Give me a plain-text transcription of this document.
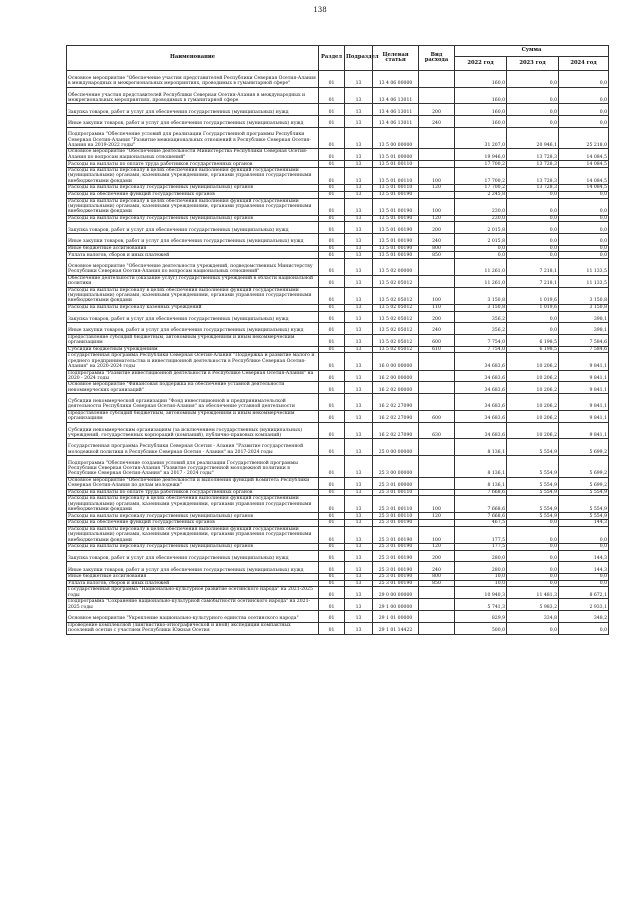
138
Наименование	Раздел	Подраздел	Целевая статья	Вид расхода	Сумма		
					2022 год	2023 год	2024 год
Основное мероприятие "Обеспечение участия представителей Республики Северная Осетия-Алания в международных и межрегиональных мероприятиях, проводимых в гуманитарной сфере"	01	13	13 4 06 00000		160,0	0,0	0,0
Обеспечение участия представителей Республики Северная Осетия-Алания в международных и межрегиональных мероприятиях, проводимых в гуманитарной сфере	01	13	13 4 06 13011		160,0	0,0	0,0
Закупка товаров, работ и услуг для обеспечения государственных (муниципальных) нужд	01	13	13 4 06 13011	200	160,0	0,0	0,0
Иные закупки товаров, работ и услуг для обеспечения государственных (муниципальных) нужд	01	13	13 4 06 13011	240	160,0	0,0	0,0
Подпрограмма "Обеспечение условий для реализации Государственной программы Республики Северная Осетия-Алания "Развитие межнациональных отношений в Республике Северная Осетия-Алания на 2019-2022 годы"	01	13	13 5 00 00000		31 207,0	20 946,1	25 218,0
Основное мероприятие "Обеспечение деятельности Министерства Республики Северная Осетия-Алания по вопросам национальных отношений"	01	13	13 5 01 00000		19 946,0	13 728,3	14 084,5
Расходы на выплаты по оплате труда работников государственных органов	01	13	13 5 01 00110		17 700,2	13 728,3	14 084,5
Расходы на выплаты персоналу в целях обеспечения выполнения функций государственными (муниципальными) органами, казенными учреждениями, органами управления государственными внебюджетными фондами	01	13	13 5 01 00110	100	17 700,2	13 728,3	14 084,5
Расходы на выплаты персоналу государственных (муниципальных) органов	01	13	13 5 01 00110	120	17 700,2	13 728,3	14 084,5
Расходы на обеспечение функций государственных органов	01	13	13 5 01 00190		2 245,8	0,0	0,0
Расходы на выплаты персоналу в целях обеспечения выполнения функций государственными (муниципальными) органами, казенными учреждениями, органами управления государственными внебюджетными фондами	01	13	13 5 01 00190	100	230,0	0,0	0,0
Расходы на выплаты персоналу государственных (муниципальных) органов	01	13	13 5 01 00190	120	230,0	0,0	0,0
Закупка товаров, работ и услуг для обеспечения государственных (муниципальных) нужд	01	13	13 5 01 00190	200	2 015,8	0,0	0,0
Иные закупки товаров, работ и услуг для обеспечения государственных (муниципальных) нужд	01	13	13 5 01 00190	240	2 015,8	0,0	0,0
Иные бюджетные ассигнования	01	13	13 5 01 00190	800	0,0	0,0	0,0
Уплата налогов, сборов и иных платежей	01	13	13 5 01 00190	850	0,0	0,0	0,0
Основное мероприятие "Обеспечение деятельности учреждений, подведомственных Министерству Республики Северная Осетия-Алания по вопросам национальных отношений"	01	13	13 5 02 00000		11 261,0	7 218,1	11 133,5
Обеспечение деятельности (оказание услуг) государственных учреждений в области национальной политики	01	13	13 5 02 05012		11 261,0	7 218,1	11 133,5
Расходы на выплаты персоналу в целях обеспечения выполнения функций государственными (муниципальными) органами, казенными учреждениями, органами управления государственными внебюджетными фондами	01	13	13 5 02 05012	100	3 150,8	1 019,6	3 150,8
Расходы на выплаты персоналу казенных учреждений	01	13	13 5 02 05012	110	3 150,8	1 019,6	3 150,8
Закупка товаров, работ и услуг для обеспечения государственных (муниципальных) нужд	01	13	13 5 02 05012	200	356,2	0,0	398,1
Иные закупки товаров, работ и услуг для обеспечения государственных (муниципальных) нужд	01	13	13 5 02 05012	240	356,2	0,0	398,1
Предоставление субсидий бюджетным, автономным учреждениям и иным некоммерческим организациям	01	13	13 5 02 05012	600	7 754,0	6 198,5	7 584,6
Субсидии бюджетным учреждениям	01	13	13 5 02 05012	610	7 754,0	6 198,5	7 584,6
Государственная программа Республики Северная Осетия-Алания "Поддержка и развитие малого и среднего предпринимательства и инвестиционной деятельности в Республике Северная Осетия-Алания" на 2020-2024 годы	01	13	16 0 00 00000		34 683,6	10 206,2	9 841,1
Подпрограмма "Развитие инвестиционной деятельности в Республике Северная Осетия-Алания" на 2020 - 2024 годы	01	13	16 2 00 00000		34 683,6	10 206,2	9 841,1
Основное мероприятие "Финансовая поддержка на обеспечение уставной деятельности некоммерческих организаций"	01	13	16 2 02 00000		34 683,6	10 206,2	9 841,1
Субсидии некоммерческой организации "Фонд инвестиционной и предпринимательской деятельности Республики Северная Осетия-Алания" на обеспечение уставной деятельности	01	13	16 2 02 27090		34 683,6	10 206,2	9 841,1
Предоставление субсидий бюджетным, автономным учреждениям и иным некоммерческим организациям	01	13	16 2 02 27090	600	34 683,6	10 206,2	9 841,1
Субсидии некоммерческим организациям (за исключением государственных (муниципальных) учреждений, государственных корпораций (компаний), публично-правовых компаний)	01	13	16 2 02 27090	630	34 683,6	10 206,2	9 841,1
Государственная программа Республики Северная Осетия - Алания "Развитие государственной молодежной политики в Республике Северная Осетия - Алания" на 2017-2024 годы	01	13	25 0 00 00000		8 136,1	5 554,9	5 699,2
Подпрограмма "Обеспечение создания условий для реализации Государственной программы Республики Северная Осетия-Алания "Развитие государственной молодежной политики в Республике Северная Осетия-Алания" на 2017 - 2024 годы"	01	13	25 3 00 00000		8 136,1	5 554,9	5 699,2
Основное мероприятие "Обеспечение деятельности и выполнения функций Комитета Республики Северная Осетия-Алания по делам молодежи"	01	13	25 3 01 00000		8 136,1	5 554,9	5 699,2
Расходы на выплаты по оплате труда работников государственных органов	01	13	25 3 01 00110		7 668,6	5 554,9	5 554,9
Расходы на выплаты персоналу в целях обеспечения выполнения функций государственными (муниципальными) органами, казенными учреждениями, органами управления государственными внебюджетными фондами	01	13	25 3 01 00110	100	7 668,6	5 554,9	5 554,9
Расходы на выплаты персоналу государственных (муниципальных) органов	01	13	25 3 01 00110	120	7 668,6	5 554,9	5 554,9
Расходы на обеспечение функций государственных органов	01	13	25 3 01 00190		467,5	0,0	144,3
Расходы на выплаты персоналу в целях обеспечения выполнения функций государственными (муниципальными) органами, казенными учреждениями, органами управления государственными внебюджетными фондами	01	13	25 3 01 00190	100	177,5	0,0	0,0
Расходы на выплаты персоналу государственных (муниципальных) органов	01	13	25 3 01 00190	120	177,5	0,0	0,0
Закупка товаров, работ и услуг для обеспечения государственных (муниципальных) нужд	01	13	25 3 01 00190	200	280,0	0,0	144,3
Иные закупки товаров, работ и услуг для обеспечения государственных (муниципальных) нужд	01	13	25 3 01 00190	240	280,0	0,0	144,3
Иные бюджетные ассигнования	01	13	25 3 01 00190	800	10,0	0,0	0,0
Уплата налогов, сборов и иных платежей	01	13	25 3 01 00190	850	10,0	0,0	0,0
Государственная программа "Национально-культурное развитие осетинского народа" на 2021-2025 годы	01	13	29 0 00 00000		10 940,3	11 481,3	8 672,1
Подпрограмма "Сохранение национально-культурной самобытности осетинского народа" на 2021-2025 годы	01	13	29 1 00 00000		5 741,3	5 983,2	2 933,1
Основное мероприятие "Укрепление национально-культурного единства осетинского народа"	01	13	29 1 01 00000		829,9	334,8	348,2
Проведение комплексной (лингвистико-этнографической и иной) экспедиции компактных поселений осетин с участием Республики Южная Осетия	01	13	29 1 01 14422		500,0	0,0	0,0
